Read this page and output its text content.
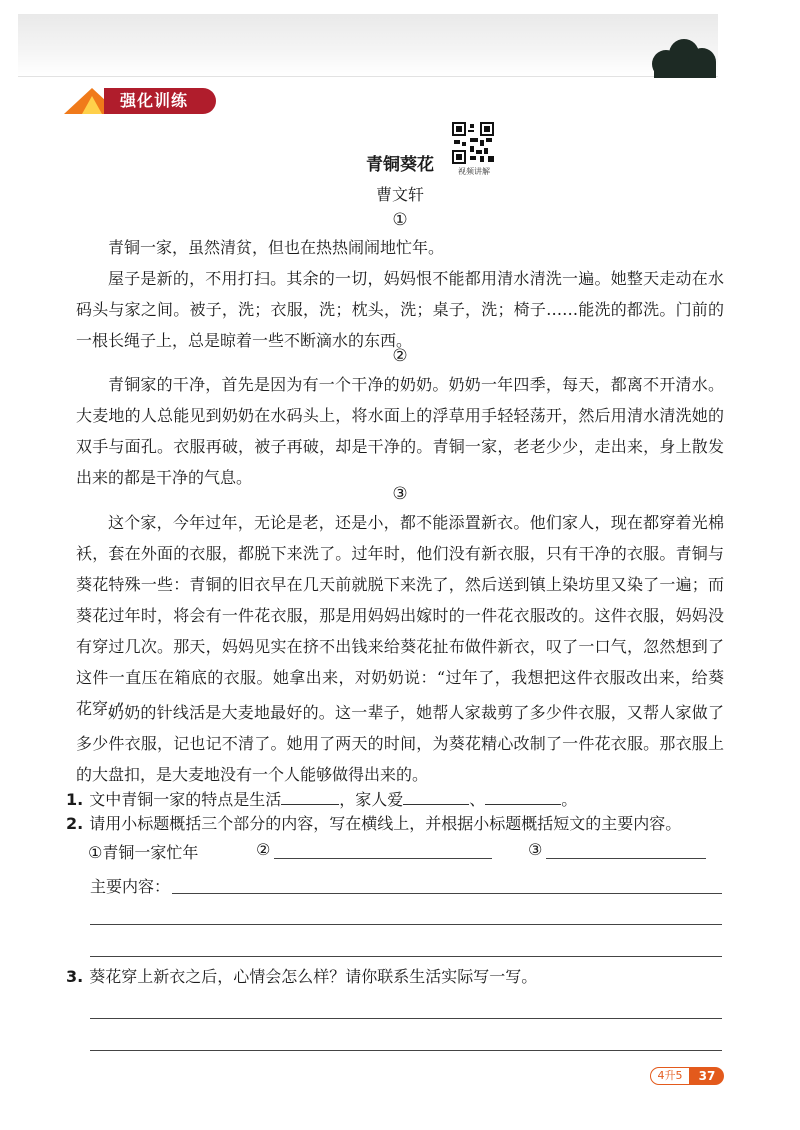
强化训练
青铜葵花	视频讲解
曹文轩
①
青铜一家，虽然清贫，但也在热热闹闹地忙年。
屋子是新的，不用打扫。其余的一切，妈妈恨不能都用清水清洗一遍。她整天走动在水码头与家之间。被子，洗；衣服，洗；枕头，洗；桌子，洗；椅子……能洗的都洗。门前的一根长绳子上，总是晾着一些不断滴水的东西。
②
青铜家的干净，首先是因为有一个干净的奶奶。奶奶一年四季，每天，都离不开清水。大麦地的人总能见到奶奶在水码头上，将水面上的浮草用手轻轻荡开，然后用清水清洗她的双手与面孔。衣服再破，被子再破，却是干净的。青铜一家，老老少少，走出来，身上散发出来的都是干净的气息。
③
这个家，今年过年，无论是老，还是小，都不能添置新衣。他们家人，现在都穿着光棉袄，套在外面的衣服，都脱下来洗了。过年时，他们没有新衣服，只有干净的衣服。青铜与葵花特殊一些：青铜的旧衣早在几天前就脱下来洗了，然后送到镇上染坊里又染了一遍；而葵花过年时，将会有一件花衣服，那是用妈妈出嫁时的一件花衣服改的。这件衣服，妈妈没有穿过几次。那天，妈妈见实在挤不出钱来给葵花扯布做件新衣，叹了一口气，忽然想到了这件一直压在箱底的衣服。她拿出来，对奶奶说：“过年了，我想把这件衣服改出来，给葵花穿。”
奶奶的针线活是大麦地最好的。这一辈子，她帮人家裁剪了多少件衣服，又帮人家做了多少件衣服，记也记不清了。她用了两天的时间，为葵花精心改制了一件花衣服。那衣服上的大盘扣，是大麦地没有一个人能够做得出来的。
1. 文中青铜一家的特点是生活	，家人爱	、	。
2. 请用小标题概括三个部分的内容，写在横线上，并根据小标题概括短文的主要内容。
①青铜一家忙年	②	③
主要内容：
3. 葵花穿上新衣之后，心情会怎么样？请你联系生活实际写一写。
4升5	37
